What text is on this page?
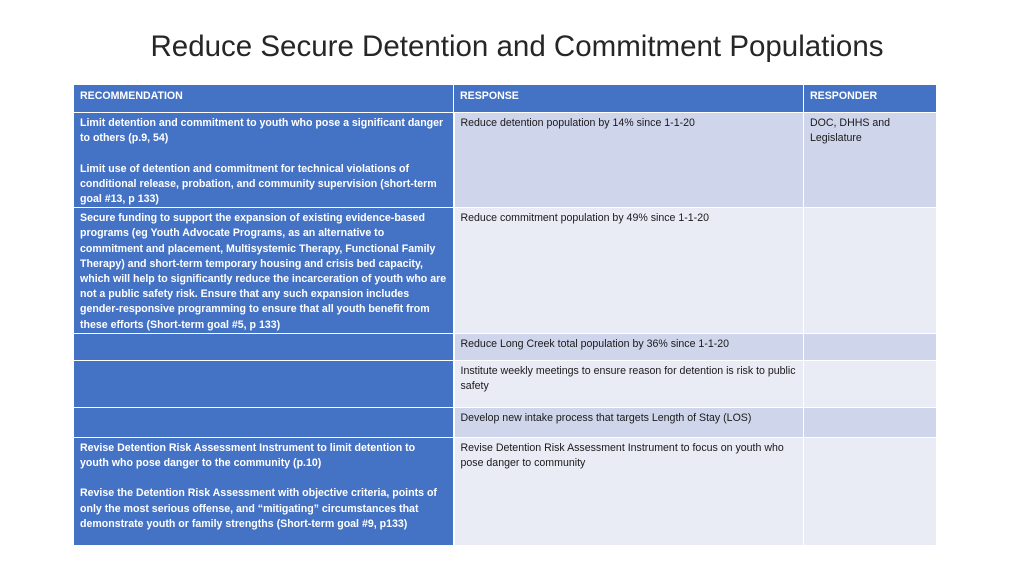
Reduce Secure Detention and Commitment Populations
RECOMMENDATION	RESPONSE	RESPONDER
Limit detention and commitment to youth who pose a significant danger to others (p.9, 54)

Limit use of detention and commitment for technical violations of conditional release, probation, and community supervision (short-term goal #13, p 133)	Reduce detention population by 14% since 1-1-20	DOC, DHHS and Legislature
Secure funding to support the expansion of existing evidence-based programs (eg Youth Advocate Programs, as an alternative to commitment and placement, Multisystemic Therapy, Functional Family Therapy) and short-term temporary housing and crisis bed capacity, which will help to significantly reduce the incarceration of youth who are not a public safety risk. Ensure that any such expansion includes gender-responsive programming to ensure that all youth benefit from these efforts (Short-term goal #5, p 133)	Reduce commitment population by 49% since 1-1-20	
	Reduce Long Creek total population by 36% since 1-1-20	
	Institute weekly meetings to ensure reason for detention is risk to public safety	
	Develop new intake process that targets Length of Stay (LOS)	
Revise Detention Risk Assessment Instrument to limit detention to youth who pose danger to the community (p.10)

Revise the Detention Risk Assessment with objective criteria, points of only the most serious offense, and “mitigating” circumstances that demonstrate youth or family strengths (Short-term goal #9, p133)	Revise Detention Risk Assessment Instrument to focus on youth who pose danger to community	
